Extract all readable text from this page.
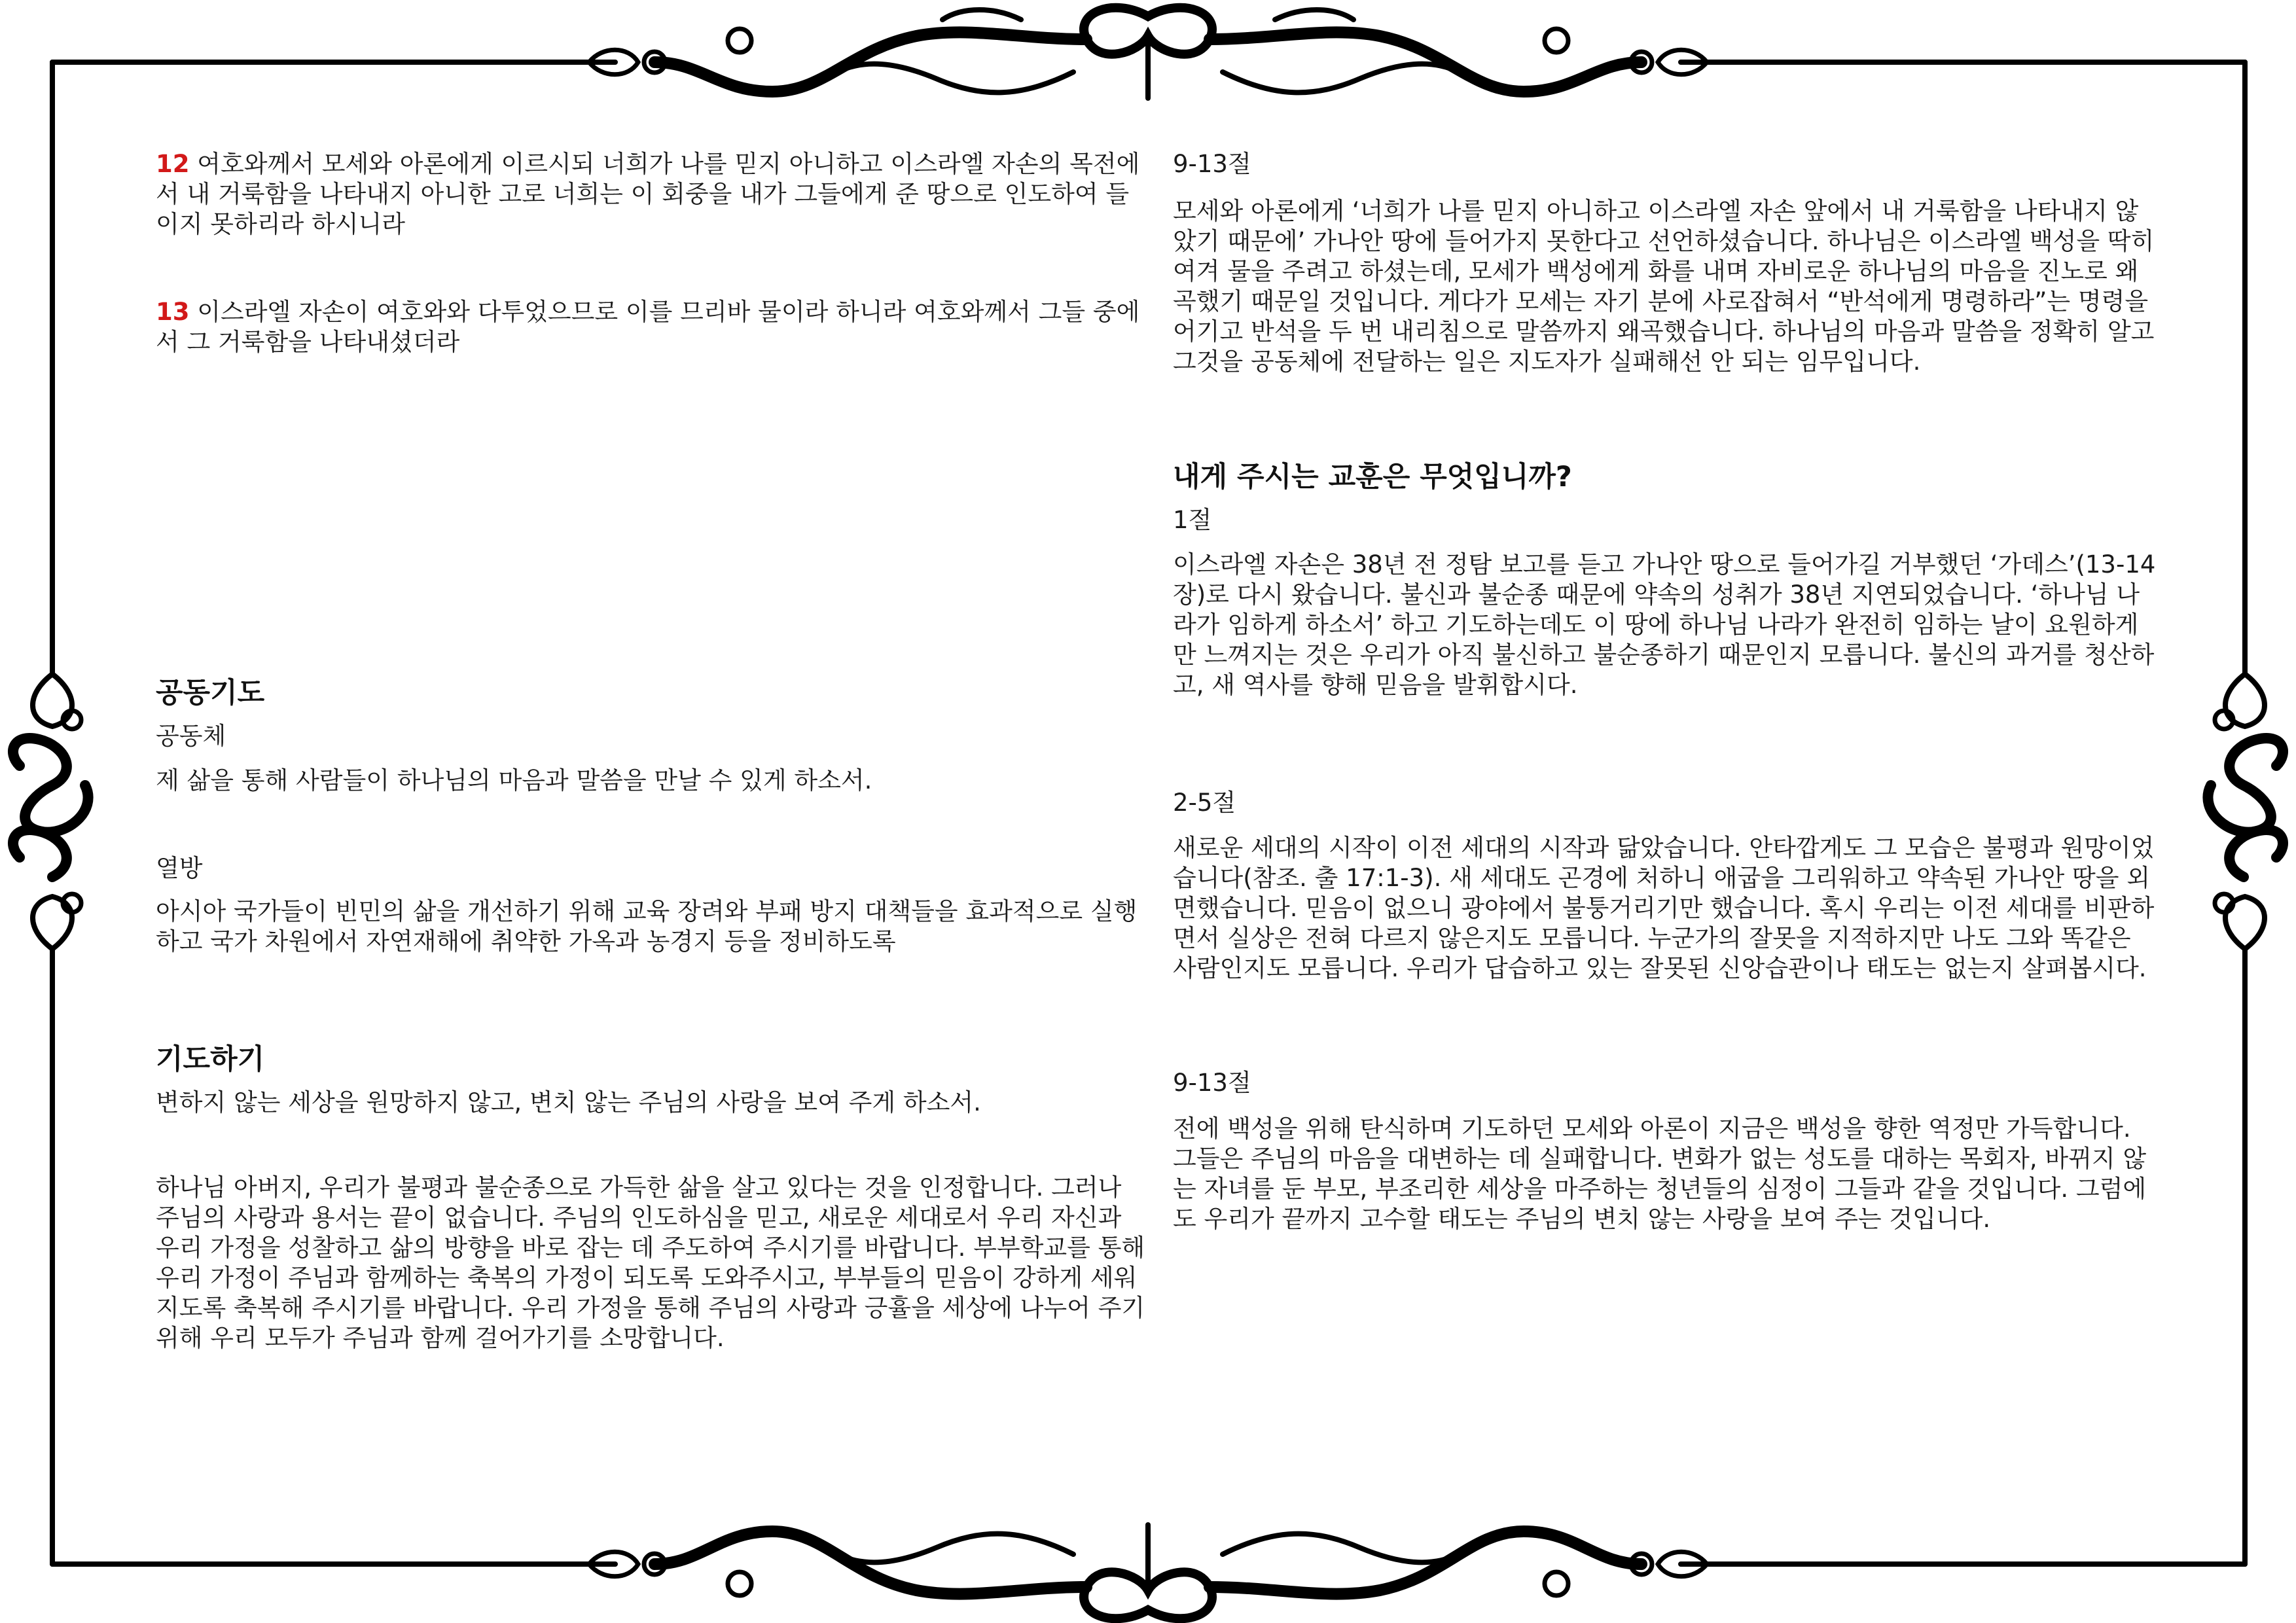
12 여호와께서 모세와 아론에게 이르시되 너희가 나를 믿지 아니하고 이스라엘 자손의 목전에서 내 거룩함을 나타내지 아니한 고로 너희는 이 회중을 내가 그들에게 준 땅으로 인도하여 들이지 못하리라 하시니라

13 이스라엘 자손이 여호와와 다투었으므로 이를 므리바 물이라 하니라 여호와께서 그들 중에서 그 거룩함을 나타내셨더라

공동기도

공동체

제 삶을 통해 사람들이 하나님의 마음과 말씀을 만날 수 있게 하소서.

열방

아시아 국가들이 빈민의 삶을 개선하기 위해 교육 장려와 부패 방지 대책들을 효과적으로 실행하고 국가 차원에서 자연재해에 취약한 가옥과 농경지 등을 정비하도록

기도하기

변하지 않는 세상을 원망하지 않고, 변치 않는 주님의 사랑을 보여 주게 하소서.

하나님 아버지, 우리가 불평과 불순종으로 가득한 삶을 살고 있다는 것을 인정합니다. 그러나 주님의 사랑과 용서는 끝이 없습니다. 주님의 인도하심을 믿고, 새로운 세대로서 우리 자신과 우리 가정을 성찰하고 삶의 방향을 바로 잡는 데 주도하여 주시기를 바랍니다. 부부학교를 통해 우리 가정이 주님과 함께하는 축복의 가정이 되도록 도와주시고, 부부들의 믿음이 강하게 세워지도록 축복해 주시기를 바랍니다. 우리 가정을 통해 주님의 사랑과 긍휼을 세상에 나누어 주기 위해 우리 모두가 주님과 함께 걸어가기를 소망합니다.

9-13절

모세와 아론에게 ‘너희가 나를 믿지 아니하고 이스라엘 자손 앞에서 내 거룩함을 나타내지 않았기 때문에’ 가나안 땅에 들어가지 못한다고 선언하셨습니다. 하나님은 이스라엘 백성을 딱히 여겨 물을 주려고 하셨는데, 모세가 백성에게 화를 내며 자비로운 하나님의 마음을 진노로 왜곡했기 때문일 것입니다. 게다가 모세는 자기 분에 사로잡혀서 “반석에게 명령하라”는 명령을 어기고 반석을 두 번 내리침으로 말씀까지 왜곡했습니다. 하나님의 마음과 말씀을 정확히 알고 그것을 공동체에 전달하는 일은 지도자가 실패해선 안 되는 임무입니다.

내게 주시는 교훈은 무엇입니까?

1절

이스라엘 자손은 38년 전 정탐 보고를 듣고 가나안 땅으로 들어가길 거부했던 ‘가데스’(13-14장)로 다시 왔습니다. 불신과 불순종 때문에 약속의 성취가 38년 지연되었습니다. ‘하나님 나라가 임하게 하소서’ 하고 기도하는데도 이 땅에 하나님 나라가 완전히 임하는 날이 요원하게만 느껴지는 것은 우리가 아직 불신하고 불순종하기 때문인지 모릅니다. 불신의 과거를 청산하고, 새 역사를 향해 믿음을 발휘합시다.

2-5절

새로운 세대의 시작이 이전 세대의 시작과 닮았습니다. 안타깝게도 그 모습은 불평과 원망이었습니다(참조. 출 17:1-3). 새 세대도 곤경에 처하니 애굽을 그리워하고 약속된 가나안 땅을 외면했습니다. 믿음이 없으니 광야에서 불퉁거리기만 했습니다. 혹시 우리는 이전 세대를 비판하면서 실상은 전혀 다르지 않은지도 모릅니다. 누군가의 잘못을 지적하지만 나도 그와 똑같은 사람인지도 모릅니다. 우리가 답습하고 있는 잘못된 신앙습관이나 태도는 없는지 살펴봅시다.

9-13절

전에 백성을 위해 탄식하며 기도하던 모세와 아론이 지금은 백성을 향한 역정만 가득합니다. 그들은 주님의 마음을 대변하는 데 실패합니다. 변화가 없는 성도를 대하는 목회자, 바뀌지 않는 자녀를 둔 부모, 부조리한 세상을 마주하는 청년들의 심정이 그들과 같을 것입니다. 그럼에도 우리가 끝까지 고수할 태도는 주님의 변치 않는 사랑을 보여 주는 것입니다.
